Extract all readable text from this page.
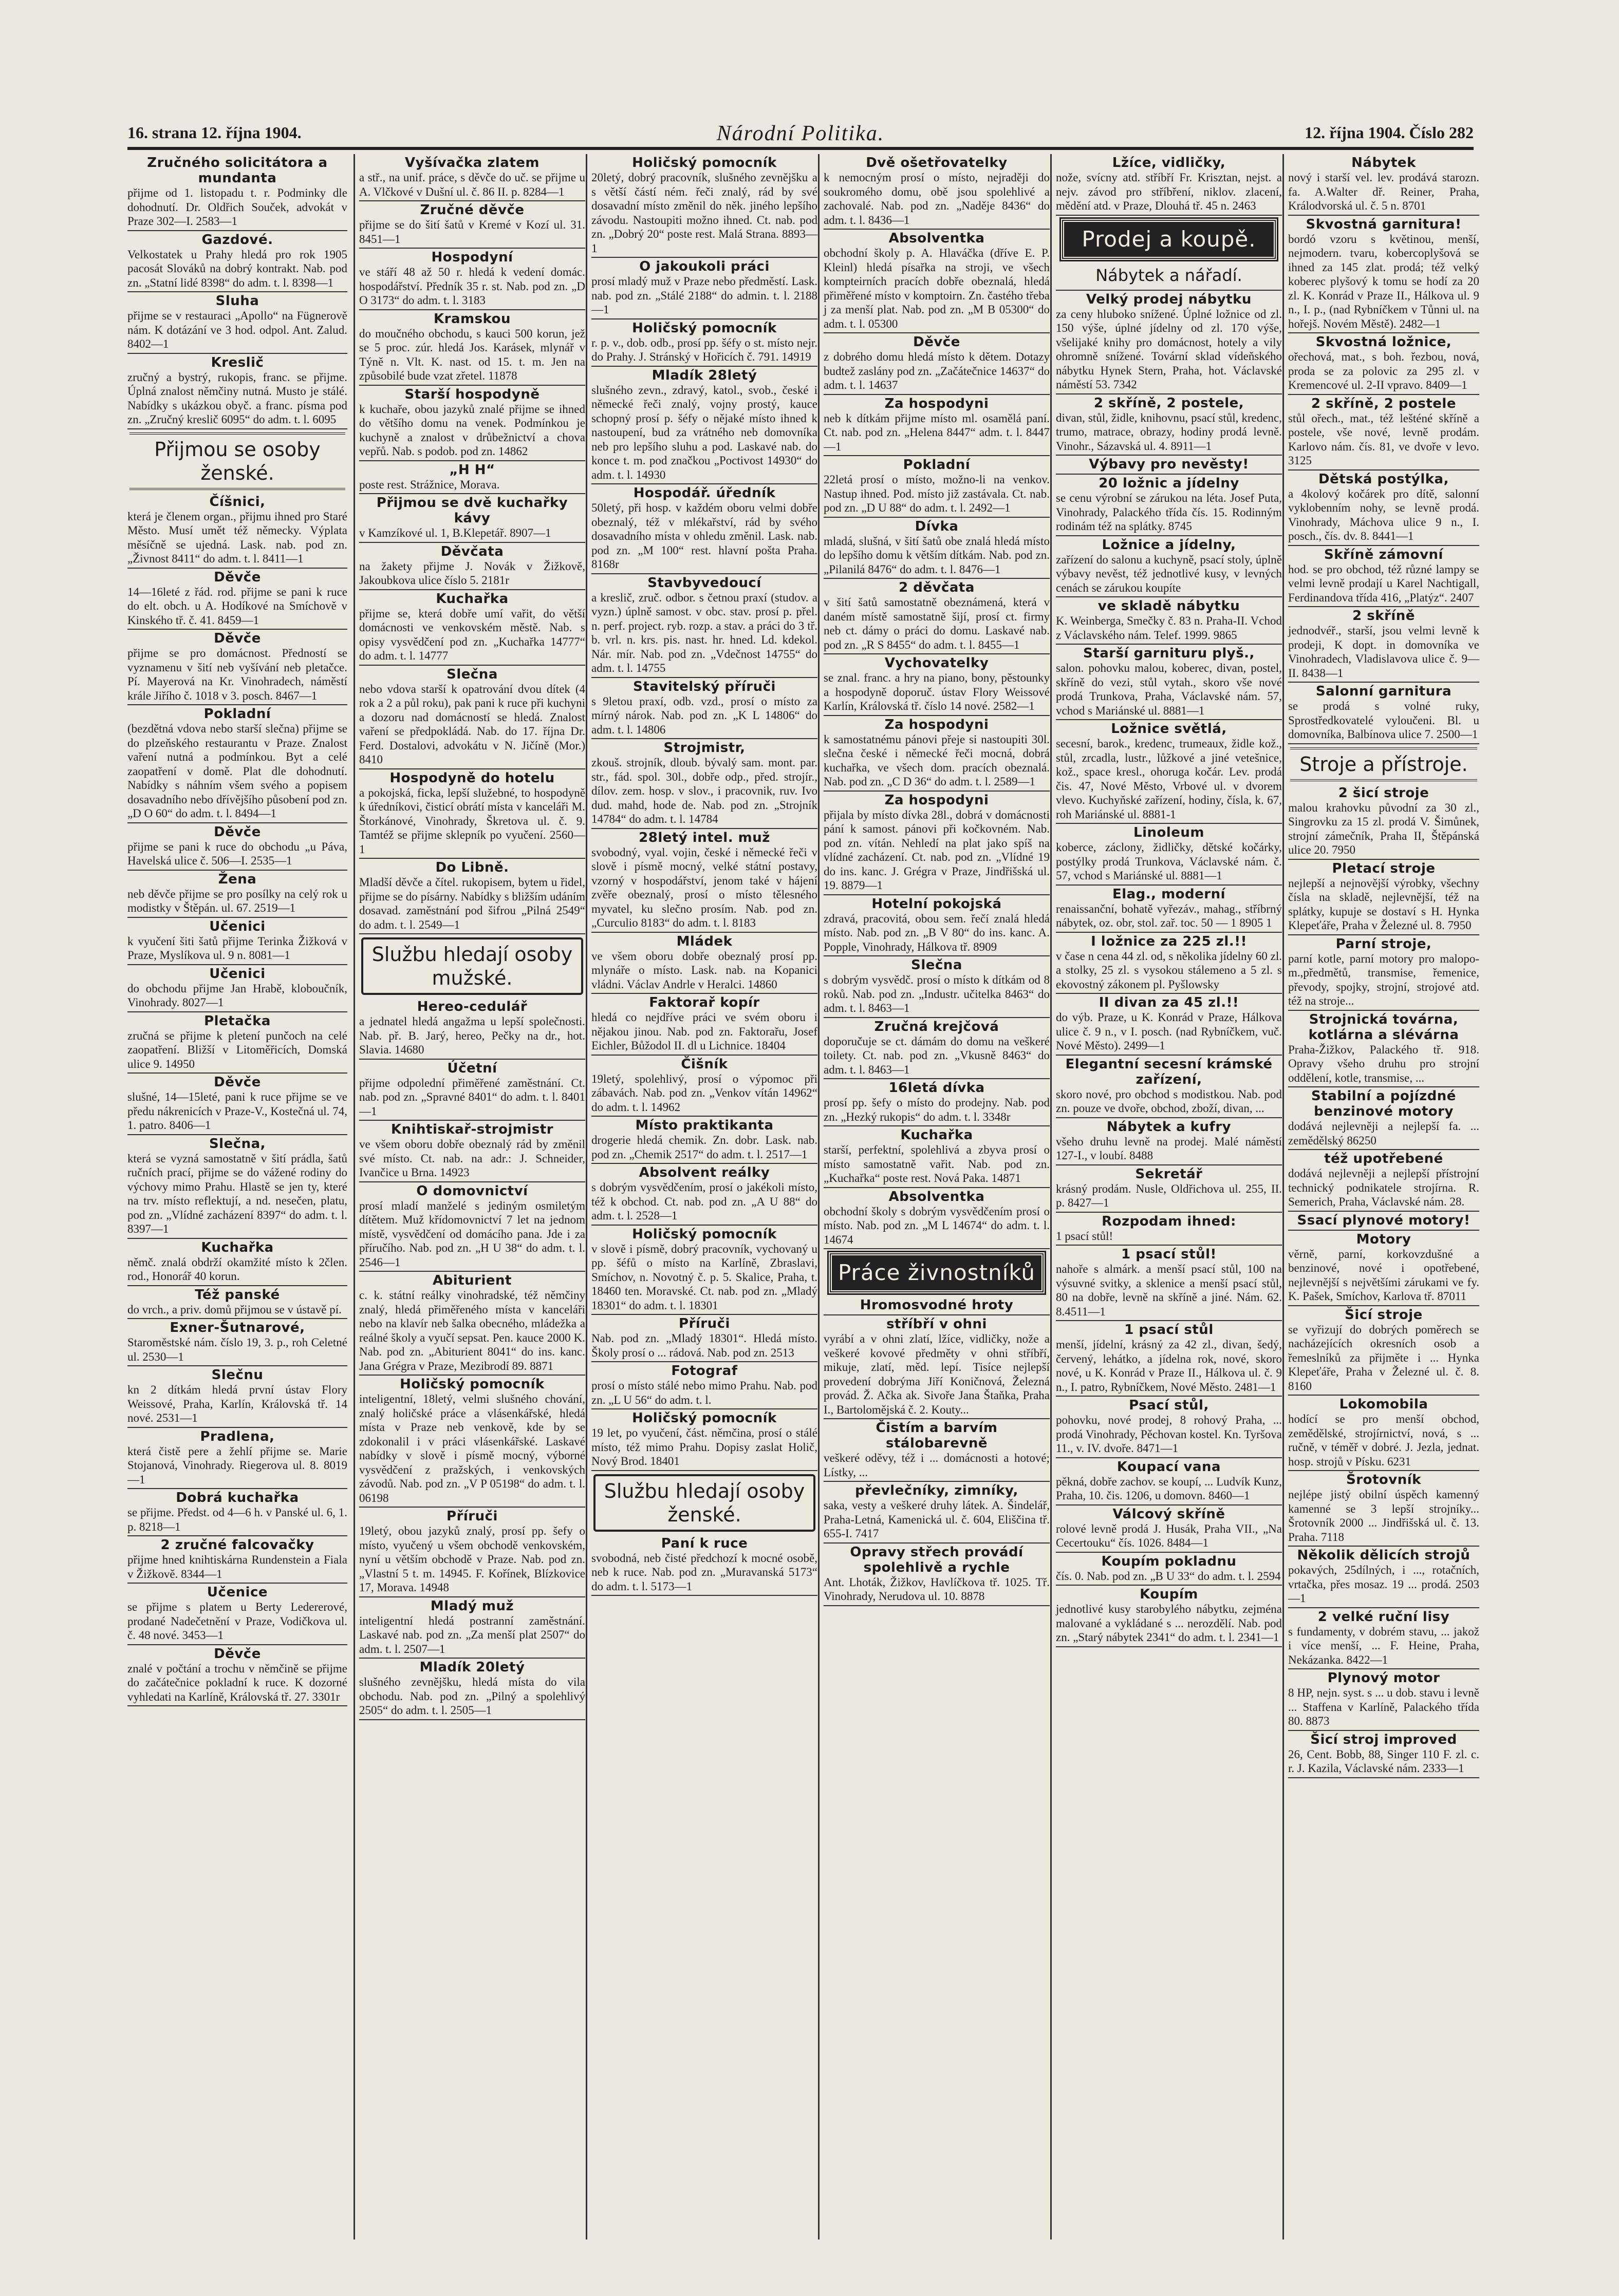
16. strana 12. října 1904.	Národní Politika.	12. října 1904. Číslo 282
Zručného solicitátora a mundanta

přijme od 1. listopadu t. r. Podminky dle dohodnutí. Dr. Oldřich Souček, advokát v Praze 302—I. 2583—1

Gazdové.

Velkostatek u Prahy hledá pro rok 1905 pacosát Slováků na dobrý kontrakt. Nab. pod zn. „Statní lidé 8398“ do adm. t. l. 8398—1

Sluha

přijme se v restauraci „Apollo“ na Fügnerově nám. K dotázání ve 3 hod. odpol. Ant. Zalud. 8402—1

Kreslič

zručný a bystrý, rukopis, franc. se přijme. Úplná znalost němčiny nutná. Musto je stálé. Nabídky s ukázkou obyč. a franc. písma pod zn. „Zručný kreslič 6095“ do adm. t. l. 6095

Přijmou se osoby ženské.
Číšnici,

která je členem organ., přijmu ihned pro Staré Město. Musí umět též německy. Výplata měsíčně se ujedná. Lask. nab. pod zn. „Živnost 8411“ do adm. t. l. 8411—1

Děvče

14—16leté z řád. rod. přijme se pani k ruce do elt. obch. u A. Hodíkové na Smíchově v Kinského tř. č. 41. 8459—1

Děvče

přijme se pro domácnost. Předností se vyznamenu v šití neb vyšívání neb pletačce. Pí. Mayerová na Kr. Vinohradech, náměstí krále Jiřího č. 1018 v 3. posch. 8467—1

Pokladní

(bezdětná vdova nebo starší slečna) přijme se do plzeňského restaurantu v Praze. Znalost vaření nutná a podmínkou. Byt a celé zaopatření v domě. Plat dle dohodnutí. Nabídky s náhním všem svého a popisem dosavadního nebo dřívějšího působení pod zn. „D O 60“ do adm. t. l. 8494—1

Děvče

přijme se pani k ruce do obchodu „u Páva, Havelská ulice č. 506—I. 2535—1

Žena

neb děvče přijme se pro posílky na celý rok u modistky v Štěpán. ul. 67. 2519—1

Učenici

k vyučení šiti šatů přijme Terinka Žižková v Praze, Myslíkova ul. 9 n. 8081—1

Učenici

do obchodu přijme Jan Hrabě, kloboučník, Vinohrady. 8027—1

Pletačka

zručná se přijme k pletení punčoch na celé zaopatření. Bližší v Litoměřicích, Domská ulice 9. 14950

Děvče

slušné, 14—15leté, pani k ruce přijme se ve předu nákrenicích v Praze-V., Kostečná ul. 74, 1. patro. 8406—1

Slečna,

která se vyzná samostatně v šití prádla, šatů ručních prací, přijme se do vážené rodiny do výchovy mimo Prahu. Hlastě se jen ty, které na trv. místo reflektují, a nd. nesečen, platu, pod zn. „Vlídné zacházení 8397“ do adm. t. l. 8397—1

Kuchařka

němč. znalá obdrží okamžité místo k 2člen. rod., Honorář 40 korun.

Též panské

do vrch., a priv. domů přijmou se v ústavě pí.

Exner-Šutnarové,

Staroměstské nám. číslo 19, 3. p., roh Celetné ul. 2530—1

Slečnu

kn 2 dítkám hledá první ústav Flory Weissové, Praha, Karlín, Královská tř. 14 nové. 2531—1

Pradlena,

která čistě pere a žehlí přijme se. Marie Stojanová, Vinohrady. Riegerova ul. 8. 8019—1

Dobrá kuchařka

se přijme. Předst. od 4—6 h. v Panské ul. 6, 1. p. 8218—1

2 zručné falcovačky

přijme hned knihtiskárna Rundenstein a Fiala v Žižkově. 8344—1

Učenice

se přijme s platem u Berty Ledererové, prodané Nadečetnění v Praze, Vodičkova ul. č. 48 nové. 3453—1

Děvče

znalé v počtání a trochu v němčině se přijme do začátečnice pokladní k ruce. K dozorné vyhledati na Karlíně, Královská tř. 27. 3301r

Vyšívačka zlatem

a stř., na unif. práce, s děvče do uč. se přijme u A. Vlčkové v Dušní ul. č. 86 II. p. 8284—1

Zručné děvče

přijme se do šití šatů v Kremé v Kozí ul. 31. 8451—1

Hospodyní

ve stáří 48 až 50 r. hledá k vedení domác. hospodářství. Předník 35 r. st. Nab. pod zn. „D O 3173“ do adm. t. l. 3183

Kramskou

do moučného obchodu, s kauci 500 korun, jež se 5 proc. zúr. hledá Jos. Karásek, mlynář v Týně n. Vlt. K. nast. od 15. t. m. Jen na způsobilé bude vzat zřetel. 11878

Starší hospodyně

k kuchaře, obou jazyků znalé přijme se ihned do většího domu na venek. Podmínkou je kuchyně a znalost v drůbežnictví a chova vepřů. Nab. s podob. pod zn. 14862

„H H“

poste rest. Strážnice, Morava.

Přijmou se dvě kuchařky kávy

v Kamzíkové ul. 1, B.Klepetář. 8907—1

Děvčata

na žakety přijme J. Novák v Žižkově, Jakoubkova ulice číslo 5. 2181r

Kuchařka

přijme se, která dobře umí vařit, do větší domácnosti ve venkovském městě. Nab. s opisy vysvědčení pod zn. „Kuchařka 14777“ do adm. t. l. 14777

Slečna

nebo vdova starší k opatrování dvou dítek (4 rok a 2 a půl roku), pak pani k ruce při kuchyni a dozoru nad domácností se hledá. Znalost vaření se předpokládá. Nab. do 17. října Dr. Ferd. Dostalovi, advokátu v N. Jičíně (Mor.) 8410

Hospodyně do hotelu

a pokojská, ficka, lepší služebné, to hospodyně k úředníkovi, čisticí obrátí místa v kanceláři M. Štorkánové, Vinohrady, Škretova ul. č. 9. Tamtéž se přijme sklepník po vyučení. 2560—1

Do Libně.

Mladší děvče a čítel. rukopisem, bytem u řidel, přijme se do písárny. Nabídky s bližším udáním dosavad. zaměstnání pod šifrou „Pilná 2549“ do adm. t. l. 2549—1

Službu hledají osoby mužské.
Hereo-cedulář

a jednatel hledá angažma u lepší společnosti. Nab. př. B. Jarý, hereo, Pečky na dr., hot. Slavia. 14680

Účetní

přijme odpolední přiměřené zaměstnání. Ct. nab. pod zn. „Spravné 8401“ do adm. t. l. 8401—1

Knihtiskař-strojmistr

ve všem oboru dobře obeznalý rád by změnil své místo. Ct. nab. na adr.: J. Schneider, Ivančice u Brna. 14923

O domovnictví

prosí mladí manželé s jediným osmiletým dítětem. Muž křídomovnictví 7 let na jednom místě, vysvědčení od domácího pana. Jde i za příručího. Nab. pod zn. „H U 38“ do adm. t. l. 2546—1

Abiturient

c. k. státní reálky vinohradské, též němčiny znalý, hledá přiměřeného místa v kanceláři nebo na klavír neb šalka obecného, mládežka a reálné školy a vyučí sepsat. Pen. kauce 2000 K. Nab. pod zn. „Abiturient 8041“ do ins. kanc. Jana Grégra v Praze, Mezibrodí 89. 8871

Holičský pomocník

inteligentní, 18letý, velmi slušného chování, znalý holičské práce a vlásenkářské, hledá místa v Praze neb venkově, kde by se zdokonalil i v práci vlásenkářské. Laskavé nabídky v slově i písmě mocný, výborné vysvědčení z pražských, i venkovských závodů. Nab. pod zn. „V P 05198“ do adm. t. l. 06198

Příruči

19letý, obou jazyků znalý, prosí pp. šefy o místo, vyučený u všem obchodě venkovském, nyní u větším obchodě v Praze. Nab. pod zn. „Vlastní 5 t. m. 14945. F. Kořínek, Blízkovice 17, Morava. 14948

Mladý muž

inteligentní hledá postranní zaměstnání. Laskavé nab. pod zn. „Za menší plat 2507“ do adm. t. l. 2507—1

Mladík 20letý

slušného zevnějšku, hledá místa do vila obchodu. Nab. pod zn. „Pilný a spolehlivý 2505“ do adm. t. l. 2505—1

Holičský pomocník

20letý, dobrý pracovník, slušného zevnějšku a s větší částí ném. řeči znalý, rád by své dosavadní místo změnil do něk. jiného lepšího závodu. Nastoupiti možno ihned. Ct. nab. pod zn. „Dobrý 20“ poste rest. Malá Strana. 8893—1

O jakoukoli práci

prosí mladý muž v Praze nebo předměstí. Lask. nab. pod zn. „Stálé 2188“ do admin. t. l. 2188—1

Holičský pomocník

r. p. v., dob. odb., prosí pp. šéfy o st. místo nejr. do Prahy. J. Stránský v Hořicích č. 791. 14919

Mladík 28letý

slušného zevn., zdravý, katol., svob., české i německé řeči znalý, vojny prostý, kauce schopný prosí p. šéfy o nějaké místo ihned k nastoupení, bud za vrátného neb domovníka neb pro lepšího sluhu a pod. Laskavé nab. do konce t. m. pod značkou „Poctivost 14930“ do adm. t. l. 14930

Hospodář. úředník

50letý, při hosp. v každém oboru velmi dobře obeznalý, též v mlékařství, rád by svého dosavadního místa v ohledu změnil. Lask. nab. pod zn. „M 100“ rest. hlavní pošta Praha. 8168r

Stavbyvedoucí

a kreslič, zruč. odbor. s četnou praxí (studov. a vyzn.) úplně samost. v obc. stav. prosí p. přel. n. perf. project. ryb. rozp. a stav. a práci do 3 tř. b. vrl. n. krs. pis. nast. hr. hned. Ld. kdekol. Nár. mír. Nab. pod zn. „Vdečnost 14755“ do adm. t. l. 14755

Stavitelský příruči

s 9letou praxí, odb. vzd., prosí o místo za mírný nárok. Nab. pod zn. „K L 14806“ do adm. t. l. 14806

Strojmistr,

zkouš. strojník, dloub. bývalý sam. mont. par. str., fád. spol. 30l., dobře odp., před. strojír., dílov. zem. hosp. v slov., i pracovnik, ruv. Ivo dud. mahd, hode de. Nab. pod zn. „Strojník 14784“ do adm. t. l. 14784

28letý intel. muž

svobodný, vyal. vojin, české i německé řeči v slově i písmě mocný, velké státní postavy, vzorný v hospodářství, jenom také v hájení zvěře obeznalý, prosí o místo tělesného myvatel, ku slečno prosím. Nab. pod zn. „Curculio 8183“ do adm. t. l. 8183

Mládek

ve všem oboru dobře obeznalý prosí pp. mlynáře o místo. Lask. nab. na Kopanici vládni. Václav Andrle v Heralci. 14860

Faktorař kopír

hledá co nejdříve práci ve svém oboru i nějakou jinou. Nab. pod zn. Faktorařu, Josef Eichler, Bůžodol II. dl u Lichnice. 18404

Čišník

19letý, spolehlivý, prosí o výpomoc při zábavách. Nab. pod zn. „Venkov vítán 14962“ do adm. t. l. 14962

Místo praktikanta

drogerie hledá chemik. Zn. dobr. Lask. nab. pod zn. „Chemik 2517“ do adm. t. l. 2517—1

Absolvent reálky

s dobrým vysvědčením, prosí o jakékoli místo, též k obchod. Ct. nab. pod zn. „A U 88“ do adm. t. l. 2528—1

Holičský pomocník

v slově i písmě, dobrý pracovník, vychovaný u pp. šéfů o místo na Karlíně, Zbraslavi, Smíchov, n. Novotný č. p. 5. Skalice, Praha, t. 18460 ten. Moravské. Ct. nab. pod zn. „Mladý 18301“ do adm. t. l. 18301

Příruči

Nab. pod zn. „Mladý 18301“. Hledá místo. Školy prosí o ... rádová. Nab. pod zn. 2513

Fotograf

prosí o místo stálé nebo mimo Prahu. Nab. pod zn. „L U 56“ do adm. t. l.

Holičský pomocník

19 let, po vyučení, část. němčina, prosí o stálé místo, též mimo Prahu. Dopisy zaslat Holič, Nový Brod. 18401

Službu hledají osoby ženské.
Paní k ruce

svobodná, neb čisté předchozí k mocné osobě, neb k ruce. Nab. pod zn. „Muravanská 5173“ do adm. t. l. 5173—1

Dvě ošetřovatelky

k nemocným prosí o místo, nejraději do soukromého domu, obě jsou spolehlivé a zachovalé. Nab. pod zn. „Naděje 8436“ do adm. t. l. 8436—1

Absolventka

obchodní školy p. A. Hlaváčka (dříve E. P. Kleinl) hledá písařka na stroji, ve všech kompteirních pracích dobře obeznalá, hledá přiměřené místo v komptoirn. Zn. častého třeba j za menší plat. Nab. pod zn. „M B 05300“ do adm. t. l. 05300

Děvče

z dobrého domu hledá místo k dětem. Dotazy budtež zaslány pod zn. „Začátečnice 14637“ do adm. t. l. 14637

Za hospodyni

neb k dítkám přijme místo ml. osamělá paní. Ct. nab. pod zn. „Helena 8447“ adm. t. l. 8447—1

Pokladní

22letá prosí o místo, možno-li na venkov. Nastup ihned. Pod. místo již zastávala. Ct. nab. pod zn. „D U 88“ do adm. t. l. 2492—1

Dívka

mladá, slušná, v šití šatů obe znalá hledá místo do lepšího domu k větším dítkám. Nab. pod zn. „Pilanilá 8476“ do adm. t. l. 8476—1

2 děvčata

v šití šatů samostatně obeznámená, která v daném místě samostatně šijí, prosí ct. firmy neb ct. dámy o práci do domu. Laskavé nab. pod zn. „R S 8455“ do adm. t. l. 8455—1

Vychovatelky

se znal. franc. a hry na piano, bony, pěstounky a hospodyně doporuč. ústav Flory Weissové Karlín, Královská tř. číslo 14 nové. 2582—1

Za hospodyni

k samostatnému pánovi přeje si nastoupiti 30l. slečna české i německé řeči mocná, dobrá kuchařka, ve všech dom. pracích obeznalá. Nab. pod zn. „C D 36“ do adm. t. l. 2589—1

Za hospodyni

přijala by místo dívka 28l., dobrá v domácnosti pání k samost. pánovi při kočkovném. Nab. pod zn. vítán. Nehledí na plat jako spíš na vlídné zacházení. Ct. nab. pod zn. „Vlídné 19 do ins. kanc. J. Grégra v Praze, Jindřišská ul. 19. 8879—1

Hotelní pokojská

zdravá, pracovitá, obou sem. řečí znalá hledá místo. Nab. pod zn. „B V 80“ do ins. kanc. A. Popple, Vinohrady, Hálkova tř. 8909

Slečna

s dobrým vysvědč. prosí o místo k dítkám od 8 roků. Nab. pod zn. „Industr. učitelka 8463“ do adm. t. l. 8463—1

Zručná krejčová

doporučuje se ct. dámám do domu na veškeré toilety. Ct. nab. pod zn. „Vkusně 8463“ do adm. t. l. 8463—1

16letá dívka

prosí pp. šefy o místo do prodejny. Nab. pod zn. „Hezký rukopis“ do adm. t. l. 3348r

Kuchařka

starší, perfektní, spolehlivá a zbyva prosí o místo samostatně vařit. Nab. pod zn. „Kuchařka“ poste rest. Nová Paka. 14871

Absolventka

obchodní školy s dobrým vysvědčením prosí o místo. Nab. pod zn. „M L 14674“ do adm. t. l. 14674

Práce živnostníků
Hromosvodné hroty
stříbří v ohni

vyrábí a v ohni zlatí, lžíce, vidličky, nože a veškeré kovové předměty v ohni stříbří, mikuje, zlatí, měd. lepí. Tisíce nejlepší provedení dobrýma Jiří Koničnová, Železná provád. Ž. Ačka ak. Sivoře Jana Štaňka, Praha I., Bartolomějská č. 2. Kouty...

Čistím a barvím stálobarevně

veškeré oděvy, též i ... domácnosti a hotové; Lístky, ...

převlečníky, zimníky,

saka, vesty a veškeré druhy látek. A. Šindelář, Praha-Letná, Kamenická ul. č. 604, Eliščina tř. 655-I. 7417

Opravy střech provádí spolehlivě a rychle

Ant. Lhoták, Žižkov, Havlíčkova tř. 1025. Tř. Vinohrady, Nerudova ul. 10. 8878

Lžíce, vidličky,

nože, svícny atd. stříbří Fr. Krisztan, nejst. a nejv. závod pro stříbření, niklov. zlacení, mědění atd. v Praze, Dlouhá tř. 45 n. 2463

Prodej a koupě.
Nábytek a nářadí.
Velký prodej nábytku

za ceny hluboko snížené. Úplné ložnice od zl. 150 výše, úplné jídelny od zl. 170 výše, všelijaké knihy pro domácnost, hotely a vily ohromně snížené. Tovární sklad vídeňského nábytku Hynek Stern, Praha, hot. Václavské náměstí 53. 7342

2 skříně, 2 postele,

divan, stůl, židle, knihovnu, psací stůl, kredenc, trumo, matrace, obrazy, hodiny prodá levně. Vinohr., Sázavská ul. 4. 8911—1

Výbavy pro nevěsty!
20 ložnic a jídelny

se cenu výrobní se zárukou na léta. Josef Puta, Vinohrady, Palackého třída čís. 15. Rodinným rodinám též na splátky. 8745

Ložnice a jídelny,

zařízení do salonu a kuchyně, psací stoly, úplně výbavy nevěst, též jednotlivé kusy, v levných cenách se zárukou koupíte

ve skladě nábytku

K. Weinberga, Smečky č. 83 n. Praha-II. Vchod z Václavského nám. Telef. 1999. 9865

Starší garnituru plyš.,

salon. pohovku malou, koberec, divan, postel, skříně do vezi, stůl vytah., skoro vše nové prodá Trunkova, Praha, Václavské nám. 57, vchod s Mariánské ul. 8881—1

Ložnice světlá,

secesní, barok., kredenc, trumeaux, židle kož., stůl, zrcadla, lustr., lůžkové a jiné vetešnice, kož., space kresl., ohoruga kočár. Lev. prodá čis. 47, Nové Město, Vrbové ul. v dvorem vlevo. Kuchyňské zařízení, hodiny, čísla, k. 67, roh Mariánské ul. 8881-1

Linoleum

koberce, záclony, židličky, dětské kočárky, postýlky prodá Trunkova, Václavské nám. č. 57, vchod s Mariánské ul. 8881—1

Elag., moderní

renaissanční, bohatě vyřezáv., mahag., stříbrný nábytek, oz. obr, stol. zař. toc. 50 — 1 8905 1

I ložnice za 225 zl.!!

v čase n cena 44 zl. od, s několika jídelny 60 zl. a stolky, 25 zl. s vysokou stálemeno a 5 zl. s ekovostný zákonem pl. Pyšlowsky

II divan za 45 zl.!!

do výb. Praze, u K. Konrád v Praze, Hálkova ulice č. 9 n., v I. posch. (nad Rybníčkem, vuč. Nové Město). 2499—1

Elegantní secesní krámské zařízení,

skoro nové, pro obchod s modistkou. Nab. pod zn. pouze ve dvoře, obchod, zboží, divan, ...

Nábytek a kufry

všeho druhu levně na prodej. Malé náměstí 127-I., v loubí. 8488

Sekretář

krásný prodám. Nusle, Oldřichova ul. 255, II. p. 8427—1

Rozpodam ihned:

1 psací stůl!

1 psací stůl!

nahoře s almárk. a menší psací stůl, 100 na výsuvné svitky, a sklenice a menší psací stůl, 80 na dobře, levně na skříně a jiné. Nám. 62. 8.4511—1

1 psací stůl

menší, jídelní, krásný za 42 zl., divan, šedý, červený, lehátko, a jídelna rok, nové, skoro nové, u K. Konrád v Praze II., Hálkova ul. č. 9 n., I. patro, Rybníčkem, Nové Město. 2481—1

Psací stůl,

pohovku, nové prodej, 8 rohový Praha, ... prodá Vinohrady, Pěchovan kostel. Kn. Tyršova 11., v. IV. dvoře. 8471—1

Koupací vana

pěkná, dobře zachov. se koupí, ... Ludvík Kunz, Praha, 10. čis. 1206, u domovn. 8460—1

Válcový skříně

rolové levně prodá J. Husák, Praha VII., „Na Cecertouku“ čís. 1026. 8484—1

Koupím pokladnu

čís. 0. Nab. pod zn. „B U 33“ do adm. t. l. 2594

Koupím

jednotlivé kusy starobylého nábytku, zejména malované a vykládané s ... nerozdělí. Nab. pod zn. „Starý nábytek 2341“ do adm. t. l. 2341—1

Nábytek

nový i starší vel. lev. prodává starozn. fa. A.Walter dř. Reiner, Praha, Králodvorská ul. č. 5 n. 8701

Skvostná garnitura!

bordó vzoru s květinou, menší, nejmodern. tvaru, kobercoplyšová se ihned za 145 zlat. prodá; též velký koberec plyšový k tomu se hodí za 20 zl. K. Konrád v Praze II., Hálkova ul. 9 n., I. p., (nad Rybníčkem v Tůnni ul. na hořejš. Novém Městě). 2482—1

Skvostná ložnice,

ořechová, mat., s boh. řezbou, nová, proda se za polovic za 295 zl. v Kremencové ul. 2-II vpravo. 8409—1

2 skříně, 2 postele

stůl ořech., mat., též lešténé skříně a postele, vše nové, levně prodám. Karlovo nám. čís. 81, ve dvoře v levo. 3125

Dětská postýlka,

a 4kolový kočárek pro dítě, salonní vyklobenním nohy, se levně prodá. Vinohrady, Máchova ulice 9 n., I. posch., čís. dv. 8. 8441—1

Skříně zámovní

hod. se pro obchod, též různé lampy se velmi levně prodají u Karel Nachtigall, Ferdinandova třída 416, „Platýz“. 2407

2 skříně

jednodvéř., starší, jsou velmi levně k prodeji, K dopt. in domovníka ve Vinohradech, Vladislavova ulice č. 9—II. 8438—1

Salonní garnitura

se prodá s volné ruky, Sprostředkovatelé vyloučeni. Bl. u domovníka, Balbínova ulice 7. 2500—1

Stroje a přístroje.
2 šicí stroje

malou krahovku původní za 30 zl., Singrovku za 15 zl. prodá V. Šimůnek, strojní zámečník, Praha II, Štěpánská ulice 20. 7950

Pletací stroje

nejlepší a nejnovější výrobky, všechny čísla na skladě, nejlevnější, též na splátky, kupuje se dostaví s H. Hynka Klepeťáře, Praha v Železné ul. 8. 7950

Parní stroje,

parní kotle, parní motory pro malopom.,předmětů, transmise, řemenice, převody, spojky, strojní, strojové atd. též na stroje...

Strojnická továrna, kotlárna a slévárna

Praha-Žižkov, Palackého tř. 918. Opravy všeho druhu pro strojní oddělení, kotle, transmise, ...

Stabilní a pojízdné benzinové motory

dodává nejlevněji a nejlepší fa. ... zemědělský 86250

též upotřebené

dodává nejlevněji a nejlepší přístrojní technický podnikatele strojírna. R. Semerich, Praha, Václavské nám. 28.

Ssací plynové motory!
Motory

věrně, parní, korkovzdušné a benzinové, nové i opotřebené, nejlevnější s největšími zárukami ve fy. K. Pašek, Smíchov, Karlova tř. 87011

Šicí stroje

se vyřizují do dobrých poměrech se nacházejících okresních osob a řemeslníků za přijměte i ... Hynka Klepeťáře, Praha v Železné ul. č. 8. 8160

Lokomobila

hodící se pro menší obchod, zemědělské, strojírnictví, nová, s ... ručně, v téměř v dobré. J. Jezla, jednat. hosp. strojů v Písku. 6231

Šrotovník

nejlépe jistý obilní úspěch kamenný kamenné se 3 lepší strojníky... Šrotovník 2000 ... Jindřišská ul. č. 13. Praha. 7118

Několik dělicích strojů

pokavých, 25dílných, i ..., rotačních, vrtačka, přes mosaz. 19 ... prodá. 2503—1

2 velké ruční lisy

s fundamenty, v dobrém stavu, ... jakož i více menší, ... F. Heine, Praha, Nekázanka. 8422—1

Plynový motor

8 HP, nejn. syst. s ... u dob. stavu i levně ... Staffena v Karlíně, Palackého třída 80. 8873

Šicí stroj improved

26, Cent. Bobb, 88, Singer 110 F. zl. c. r. J. Kazila, Václavské nám. 2333—1
